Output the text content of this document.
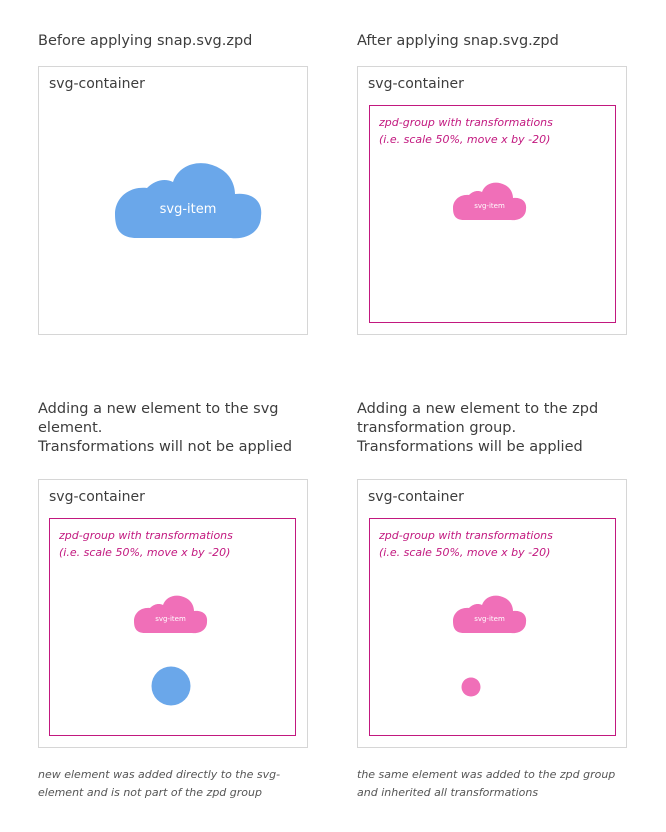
Before applying snap.svg.zpd
svg-container
svg-item
After applying snap.svg.zpd
svg-container
zpd-group with transformations
(i.e. scale 50%, move x by -20)
svg-item
Adding a new element to the svg
element.
Transformations will not be applied
svg-container
zpd-group with transformations
(i.e. scale 50%, move x by -20)
svg-item
new element was added directly to the svg-
element and is not part of the zpd group
Adding a new element to the zpd
transformation group.
Transformations will be applied
svg-container
zpd-group with transformations
(i.e. scale 50%, move x by -20)
svg-item
the same element was added to the zpd group
and inherited all transformations
